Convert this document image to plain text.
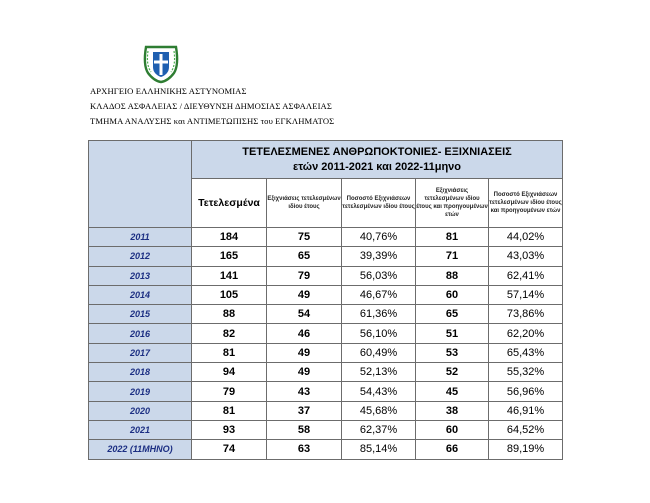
ΑΡΧΗΓΕΙΟ ΕΛΛΗΝΙΚΗΣ ΑΣΤΥΝΟΜΙΑΣ
ΚΛΑΔΟΣ ΑΣΦΑΛΕΙΑΣ / ΔΙΕΥΘΥΝΣΗ ΔΗΜΟΣΙΑΣ ΑΣΦΑΛΕΙΑΣ
ΤΜΗΜΑ ΑΝΑΛΥΣΗΣ και ΑΝΤΙΜΕΤΩΠΙΣΗΣ του ΕΓΚΛΗΜΑΤΟΣ

	ΤΕΤΕΛΕΣΜΕΝΕΣ ΑΝΘΡΩΠΟΚΤΟΝΙΕΣ- ΕΞΙΧΝΙΑΣΕΙΣ
ετών 2011-2021 και 2022-11μηνο				

	Τετελεσμένα	Εξιχνιάσεις τετελεσμένων ιδίου έτους	Ποσοστό Εξιχνιάσεων τετελεσμένων ιδίου έτους	Εξιχνιάσεις τετελεσμένων ιδίου έτους και προηγουμένων ετών	Ποσοστό Εξιχνιάσεων τετελεσμένων ιδίου έτους και προηγουμένων ετών
2011	184	75	40,76%	81	44,02%
2012	165	65	39,39%	71	43,03%
2013	141	79	56,03%	88	62,41%
2014	105	49	46,67%	60	57,14%
2015	88	54	61,36%	65	73,86%
2016	82	46	56,10%	51	62,20%
2017	81	49	60,49%	53	65,43%
2018	94	49	52,13%	52	55,32%
2019	79	43	54,43%	45	56,96%
2020	81	37	45,68%	38	46,91%
2021	93	58	62,37%	60	64,52%
2022 (11ΜΗΝΟ)	74	63	85,14%	66	89,19%
